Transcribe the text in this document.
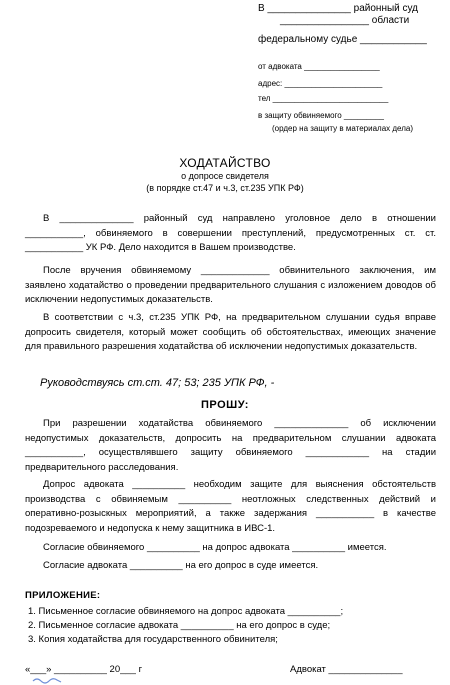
В _______________ районный суд
________________ области
федеральному судье ____________
от адвоката _________________
адрес: ______________________
тел __________________________
в защиту обвиняемого _________
(ордер на защиту в материалах дела)
ХОДАТАЙСТВО
о допросе свидетеля
(в порядке ст.47 и ч.3, ст.235 УПК РФ)

В ______________ районный суд направлено уголовное дело в отношении ___________, обвиняемого в совершении преступлений, предусмотренных ст. ст. ___________ УК РФ. Дело находится в Вашем производстве.

После вручения обвиняемому _____________ обвинительного заключения, им заявлено ходатайство о проведении предварительного слушания с изложением доводов об исключении недопустимых доказательств.

В соответствии с ч.3, ст.235 УПК РФ, на предварительном слушании судья вправе допросить свидетеля, который может сообщить об обстоятельствах, имеющих значение для правильного разрешения ходатайства об исключении недопустимых доказательств.

Руководствуясь ст.ст. 47; 53; 235 УПК РФ, -
ПРОШУ:

При разрешении ходатайства обвиняемого ______________ об исключении недопустимых доказательств, допросить на предварительном слушании адвоката ___________, осуществлявшего защиту обвиняемого ____________ на стадии предварительного расследования.

Допрос адвоката __________ необходим защите для выяснения обстоятельств производства с обвиняемым __________ неотложных следственных действий и оперативно-розыскных мероприятий, а также задержания ___________ в качестве подозреваемого и недопуска к нему защитника в ИВС-1.

Согласие обвиняемого __________ на допрос адвоката __________ имеется.
Согласие адвоката __________ на его допрос в суде имеется.
ПРИЛОЖЕНИЕ:
1. Письменное согласие обвиняемого на допрос адвоката __________;
2. Письменное согласие адвоката __________ на его допрос в суде;
3. Копия ходатайства для государственного обвинителя;
«___» __________ 20___ г	Адвокат ______________
